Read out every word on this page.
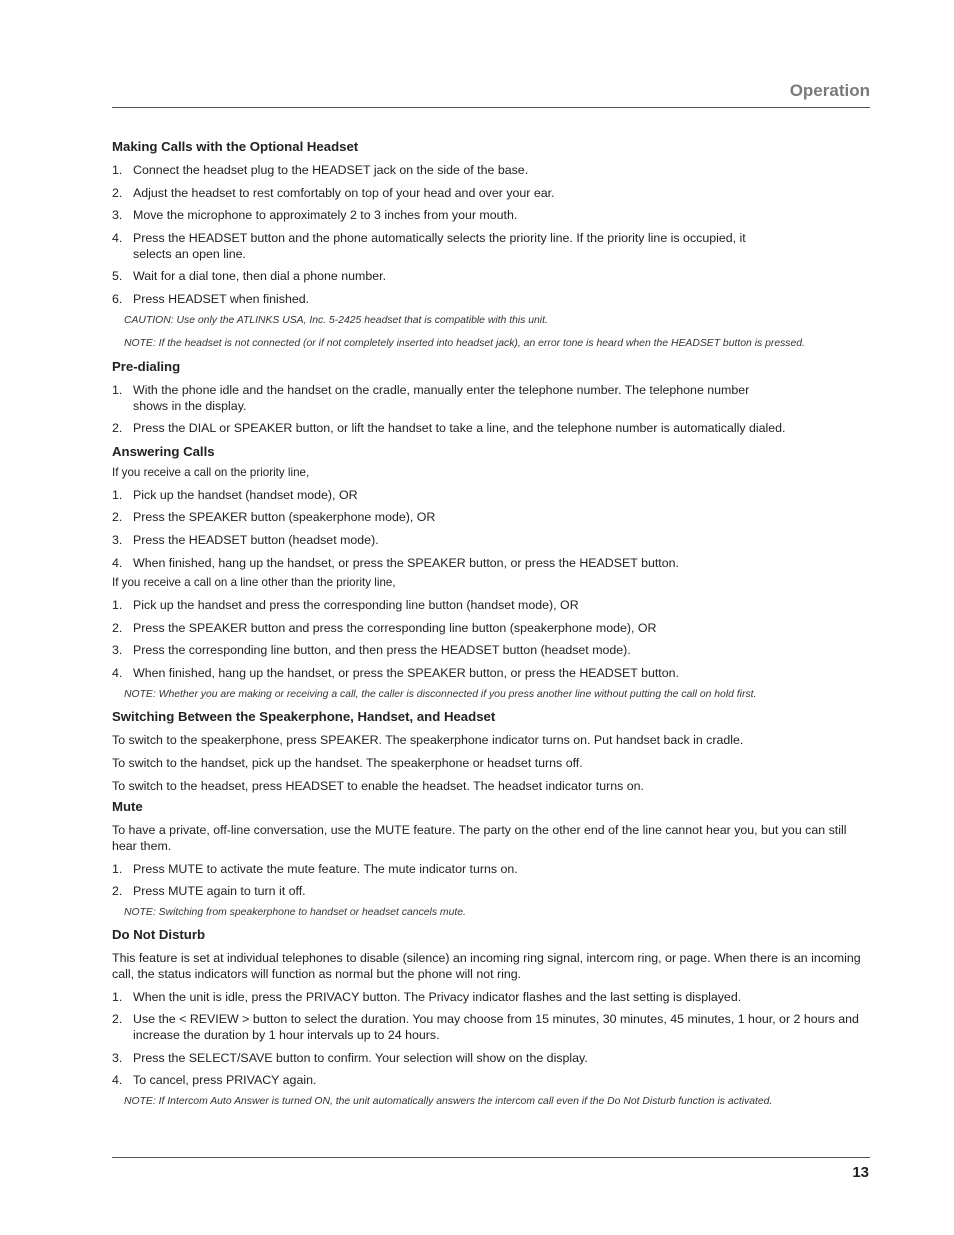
Operation
Making Calls with the Optional Headset
1. Connect the headset plug to the HEADSET jack on the side of the base.
2. Adjust the headset to rest comfortably on top of your head and over your ear.
3. Move the microphone to approximately 2 to 3 inches from your mouth.
4. Press the HEADSET button and the phone automatically selects the priority line. If the priority line is occupied, it selects an open line.
5. Wait for a dial tone, then dial a phone number.
6. Press HEADSET when finished.

CAUTION: Use only the ATLINKS USA, Inc. 5-2425 headset that is compatible with this unit.

NOTE: If the headset is not connected (or if not completely inserted into headset jack), an error tone is heard when the HEADSET button is pressed.

Pre-dialing
1. With the phone idle and the handset on the cradle, manually enter the telephone number. The telephone number shows in the display.
2. Press the DIAL or SPEAKER button, or lift the handset to take a line, and the telephone number is automatically dialed.
Answering Calls

If you receive a call on the priority line,

1. Pick up the handset (handset mode), OR
2. Press the SPEAKER button (speakerphone mode), OR
3. Press the HEADSET button (headset mode).
4. When finished, hang up the handset, or press the SPEAKER button, or press the HEADSET button.

If you receive a call on a line other than the priority line,

1. Pick up the handset and press the corresponding line button (handset mode), OR
2. Press the SPEAKER button and press the corresponding line button (speakerphone mode), OR
3. Press the corresponding line button, and then press the HEADSET button (headset mode).
4. When finished, hang up the handset, or press the SPEAKER button, or press the HEADSET button.

NOTE: Whether you are making or receiving a call, the caller is disconnected if you press another line without putting the call on hold first.

Switching Between the Speakerphone, Handset, and Headset

To switch to the speakerphone, press SPEAKER. The speakerphone indicator turns on. Put handset back in cradle.

To switch to the handset, pick up the handset. The speakerphone or headset turns off.

To switch to the headset, press HEADSET to enable the headset. The headset indicator turns on.

Mute

To have a private, off-line conversation, use the MUTE feature. The party on the other end of the line cannot hear you, but you can still hear them.

1. Press MUTE to activate the mute feature. The mute indicator turns on.
2. Press MUTE again to turn it off.

NOTE: Switching from speakerphone to handset or headset cancels mute.

Do Not Disturb

This feature is set at individual telephones to disable (silence) an incoming ring signal, intercom ring, or page. When there is an incoming call, the status indicators will function as normal but the phone will not ring.

1. When the unit is idle, press the PRIVACY button. The Privacy indicator flashes and the last setting is displayed.
2. Use the < REVIEW > button to select the duration. You may choose from 15 minutes, 30 minutes, 45 minutes, 1 hour, or 2 hours and increase the duration by 1 hour intervals up to 24 hours.
3. Press the SELECT/SAVE button to confirm. Your selection will show on the display.
4. To cancel, press PRIVACY again.

NOTE: If Intercom Auto Answer is turned ON, the unit automatically answers the intercom call even if the Do Not Disturb function is activated.

13
